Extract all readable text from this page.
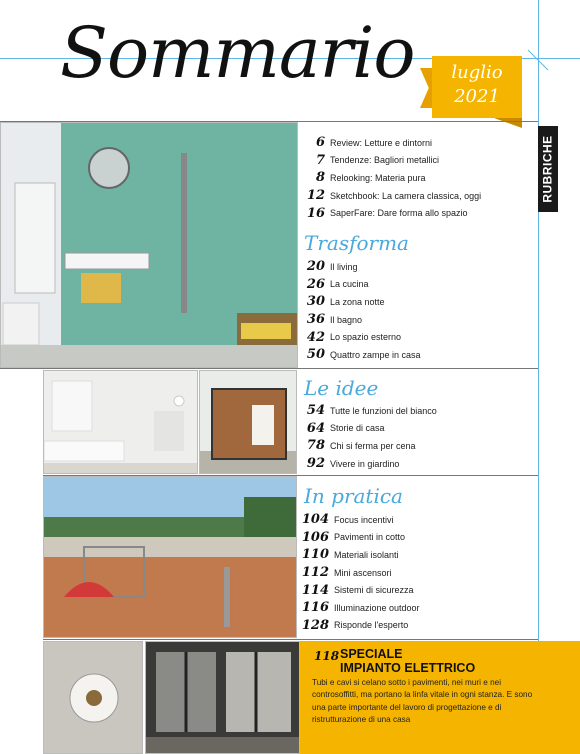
Sommario	luglio
2021
RUBRICHE
6 Review: Letture e dintorni
7 Tendenze: Bagliori metallici
8 Relooking: Materia pura
12 Sketchbook: La camera classica, oggi
16 SaperFare: Dare forma allo spazio
Trasforma
20 Il living
26 La cucina
30 La zona notte
36 Il bagno
42 Lo spazio esterno
50 Quattro zampe in casa
Le idee
54 Tutte le funzioni del bianco
64 Storie di casa
78 Chi si ferma per cena
92 Vivere in giardino
In pratica
104 Focus incentivi
106 Pavimenti in cotto
110 Materiali isolanti
112 Mini ascensori
114 Sistemi di sicurezza
116 Illuminazione outdoor
128 Risponde l'esperto
118 SPECIALE
IMPIANTO ELETTRICO
Tubi e cavi si celano sotto i pavimenti, nei muri e nei controsoffitti, ma portano la linfa vitale in ogni stanza. E sono una parte importante del lavoro di progettazione e di ristrutturazione di una casa
